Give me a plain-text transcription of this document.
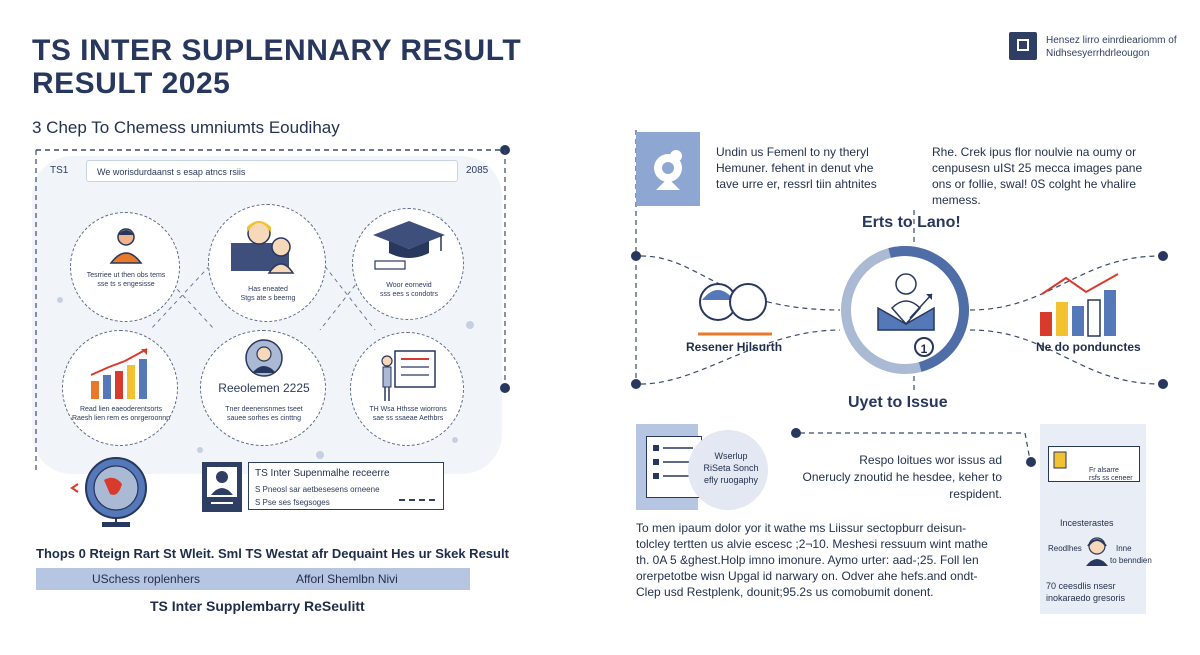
TS INTER SUPLENNARY RESULT
RESULT 2025
3 Chep To Chemess umniumts Eoudihay
Hensez lirro einrdieariomm of
Nidhsesyerrhdrleougon
TS1	We worisdurdaanst s esap atncs rsiis	2085
Tesrriee ut then obs tems
sse ts s engesisse
Has eneated
Stgs ate s beerng
Woor eornevid
sss ees s condotrs
Read lien eaeoderentsorts
Raesh lien rem es onrgeroonnn
Reeolemen 2225
Tner deenensnmes tseet
sauee sorhes es cinttng
TH Wsa Hthsse wiorrons
sae ss ssaeae Aethbrs
TS Inter Supenmalhe receerre
S Pneosl sar aetbesesens orneene
S Pse ses fsegsoges
Thops 0 Rteign Rart St Wleit. Sml TS Westat afr Dequaint Hes ur Skek Result
USchess roplenhers	Afforl Shemlbn Nivi
TS Inter Supplembarry ReSeulitt
Undin us Femenl to ny theryl
Hemuner. fehent in denut vhe
tave urre er, ressrl tiin ahtnites
Rhe. Crek ipus flor noulvie na oumy or
cenpusesn uISt 25 mecca images pane
ons or follie, swal! 0S colght he vhalire
memess.
Erts to Lano!
1
Resener Hilsurth	Ne do pondunctes
Uyet to Issue
Wserlup
RiSeta Sonch
efly ruogaphy
Respo loitues wor issus ad
Onerucly znoutid he hesdee, keher to
respident.
To men ipaum dolor yor it wathe ms Liissur sectopburr deisun-
tolcley tertten us alvie escesc ;2¬10. Meshesi ressuum wint mathe
th. 0A 5 &ghest.Holp imno imonure. Aymo urter: aad-;25. Foll len
orerpetotbe wisn Upgal id narwary on. Odver ahe hefs.and ondt-
Clep usd Restplenk, dounit;95.2s us comobumit donent.
Fr alsarre
rsfs ss ceneer
Incesterastes
Reodlhes	Inne
to benndien
70 ceesdlis nsesr
inokaraedo gresoris
